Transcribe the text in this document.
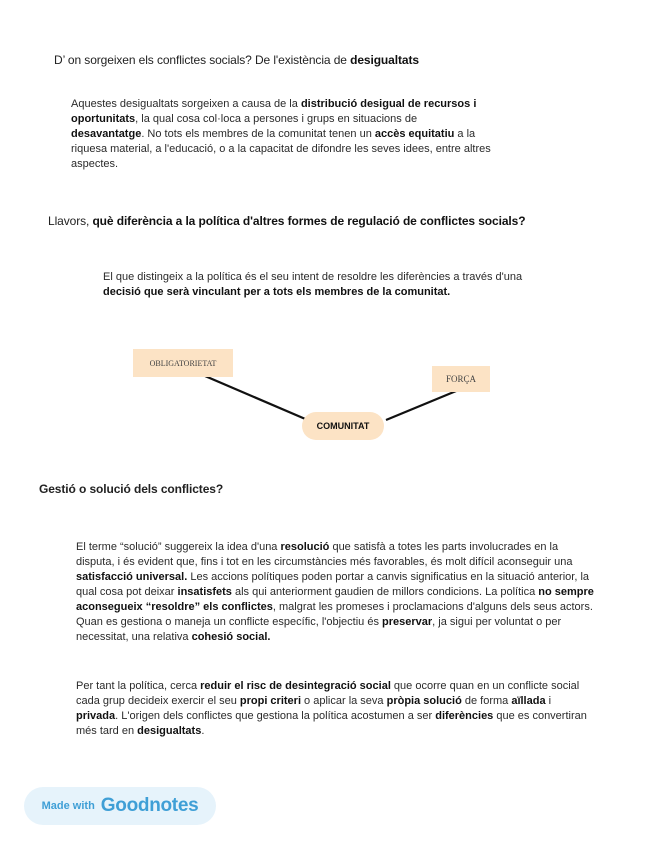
D’ on sorgeixen els conflictes socials? De l'existència de desigualtats
Aquestes desigualtats sorgeixen a causa de la distribució desigual de recursos i oportunitats, la qual cosa col·loca a persones i grups en situacions de desavantatge. No tots els membres de la comunitat tenen un accès equitatiu a la riquesa material, a l'educació, o a la capacitat de difondre les seves idees, entre altres aspectes.
Llavors, què diferència a la política d'altres formes de regulació de conflictes socials?
El que distingeix a la política és el seu intent de resoldre les diferències a través d'una decisió que serà vinculant per a tots els membres de la comunitat.
OBLIGATORIETAT
FORÇA
COMUNITAT
Gestió o solució dels conflictes?
El terme “solució” suggereix la idea d'una resolució que satisfà a totes les parts involucrades en la disputa, i és evident que, fins i tot en les circumstàncies més favorables, és molt difícil aconseguir una satisfacció universal. Les accions polítiques poden portar a canvis significatius en la situació anterior, la qual cosa pot deixar insatisfets als qui anteriorment gaudien de millors condicions. La política no sempre aconsegueix “resoldre” els conflictes, malgrat les promeses i proclamacions d'alguns dels seus actors. Quan es gestiona o maneja un conflicte específic, l'objectiu és preservar, ja sigui per voluntat o per necessitat, una relativa cohesió social.
Per tant la política, cerca reduir el risc de desintegració social que ocorre quan en un conflicte social cada grup decideix exercir el seu propi criteri o aplicar la seva pròpia solució de forma aïllada i privada. L'origen dels conflictes que gestiona la política acostumen a ser diferències que es convertiran més tard en desigualtats.
Made with Goodnotes
